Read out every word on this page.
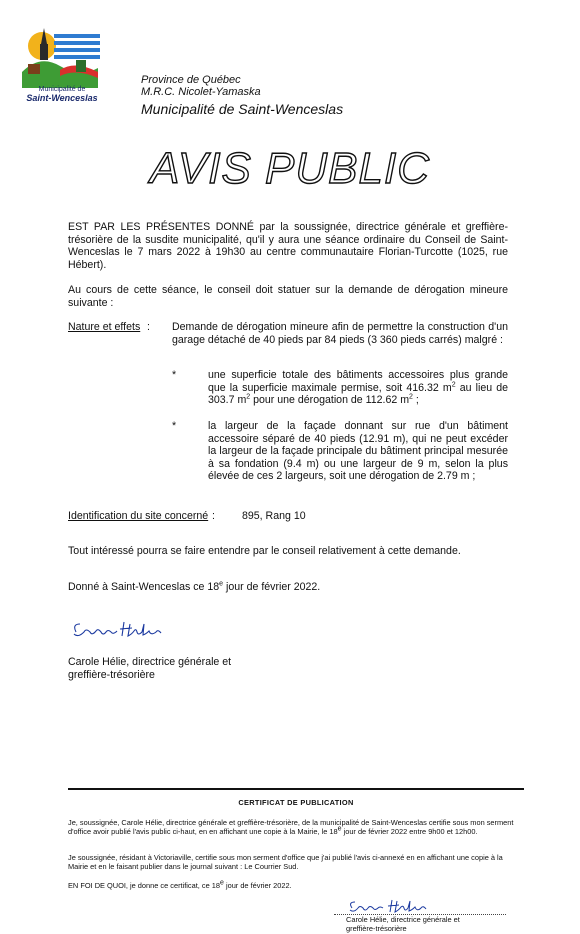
Municipalité de
Saint-Wenceslas
Province de Québec
M.R.C. Nicolet-Yamaska
Municipalité de Saint-Wenceslas
AVIS PUBLIC
EST PAR LES PRÉSENTES DONNÉ par la soussignée, directrice générale et greffière-trésorière de la susdite municipalité, qu'il y aura une séance ordinaire du Conseil de Saint-Wenceslas le 7 mars 2022 à 19h30 au centre communautaire Florian-Turcotte (1025, rue Hébert).
Au cours de cette séance, le conseil doit statuer sur la demande de dérogation mineure suivante :
Nature et effets : Demande de dérogation mineure afin de permettre la construction d'un garage détaché de 40 pieds par 84 pieds (3 360 pieds carrés) malgré :
*	une superficie totale des bâtiments accessoires plus grande que la superficie maximale permise, soit 416.32 $m^2$ au lieu de 303.7 $m^2$ pour une dérogation de 112.62 $m^2$ ;
*	la largeur de la façade donnant sur rue d'un bâtiment accessoire séparé de 40 pieds (12.91 m), qui ne peut excéder la largeur de la façade principale du bâtiment principal mesurée à sa fondation (9.4 m) ou une largeur de 9 m, selon la plus élevée de ces 2 largeurs, soit une dérogation de 2.79 m ;
Identification du site concerné :	895, Rang 10
Tout intéressé pourra se faire entendre par le conseil relativement à cette demande.
Donné à Saint-Wenceslas ce 18e jour de février 2022.
Carole Hélie, directrice générale et
greffière-trésorière
CERTIFICAT DE PUBLICATION
Je, soussignée, Carole Hélie, directrice générale et greffière-trésorière, de la municipalité de Saint-Wenceslas certifie sous mon serment d'office avoir publié l'avis public ci-haut, en en affichant une copie à la Mairie, le 18e jour de février 2022 entre 9h00 et 12h00.
Je soussignée, résidant à Victoriaville, certifie sous mon serment d'office que j'ai publié l'avis ci-annexé en en affichant une copie à la Mairie et en le faisant publier dans le journal suivant : Le Courrier Sud.
EN FOI DE QUOI, je donne ce certificat, ce 18e jour de février 2022.
Carole Hélie, directrice générale et
greffière-trésorière
